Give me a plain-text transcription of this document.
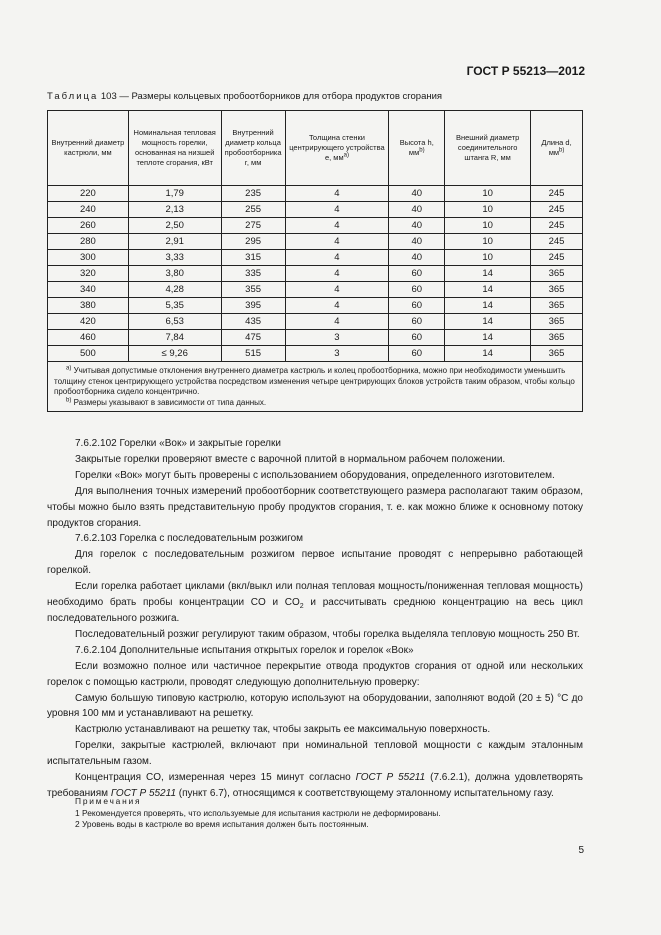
ГОСТ Р 55213—2012
Таблица 103 — Размеры кольцевых пробоотборников для отбора продуктов сгорания
Внутренний диаметр кастрюли, мм	Номинальная тепловая мощность горелки, основанная на низшей теплоте сгорания, кВт	Внутренний диаметр кольца пробоотборника r, мм	Толщина стенки центрирующего устройства e, $мм^{a)}$	Высота h, $мм^{b)}$	Внешний диаметр соединительного штанга R, мм	Длина d, $мм^{b)}$
220	1,79	235	4	40	10	245
240	2,13	255	4	40	10	245
260	2,50	275	4	40	10	245
280	2,91	295	4	40	10	245
300	3,33	315	4	40	10	245
320	3,80	335	4	60	14	365
340	4,28	355	4	60	14	365
380	5,35	395	4	60	14	365
420	6,53	435	4	60	14	365
460	7,84	475	3	60	14	365
500	≤ 9,26	515	3	60	14	365

$^{a)}$ Учитывая допустимые отклонения внутреннего диаметра кастрюль и колец пробоотборника, можно при необходимости уменьшить толщину стенок центрирующего устройства посредством изменения четыре центрирующих блоков устройств таким образом, чтобы кольцо пробоотборника сидело концентрично.
$^{b)}$ Размеры указывают в зависимости от типа данных.						

7.6.2.102 Горелки «Вок» и закрытые горелки

Закрытые горелки проверяют вместе с варочной плитой в нормальном рабочем положении.

Горелки «Вок» могут быть проверены с использованием оборудования, определенного изготовителем.

Для выполнения точных измерений пробоотборник соответствующего размера располагают таким образом, чтобы можно было взять представительную пробу продуктов сгорания, т. е. как можно ближе к основному потоку продуктов сгорания.

7.6.2.103 Горелка с последовательным розжигом

Для горелок с последовательным розжигом первое испытание проводят с непрерывно работающей горелкой.

Если горелка работает циклами (вкл/выкл или полная тепловая мощность/пониженная тепловая мощность) необходимо брать пробы концентрации CO и $CO_2$ и рассчитывать среднюю концентрацию на весь цикл последовательного розжига.

Последовательный розжиг регулируют таким образом, чтобы горелка выделяла тепловую мощность 250 Вт.

7.6.2.104 Дополнительные испытания открытых горелок и горелок «Вок»

Если возможно полное или частичное перекрытие отвода продуктов сгорания от одной или нескольких горелок с помощью кастрюли, проводят следующую дополнительную проверку:

Самую большую типовую кастрюлю, которую используют на оборудовании, заполняют водой (20 ± 5) °С до уровня 100 мм и устанавливают на решетку.

Кастрюлю устанавливают на решетку так, чтобы закрыть ее максимальную поверхность.

Горелки, закрытые кастрюлей, включают при номинальной тепловой мощности с каждым эталонным испытательным газом.

Концентрация CO, измеренная через 15 минут согласно ГОСТ Р 55211 (7.6.2.1), должна удовлетворять требованиям ГОСТ Р 55211 (пункт 6.7), относящимся к соответствующему эталонному испытательному газу.

Примечания
1 Рекомендуется проверять, что используемые для испытания кастрюли не деформированы.
2 Уровень воды в кастрюле во время испытания должен быть постоянным.
5
